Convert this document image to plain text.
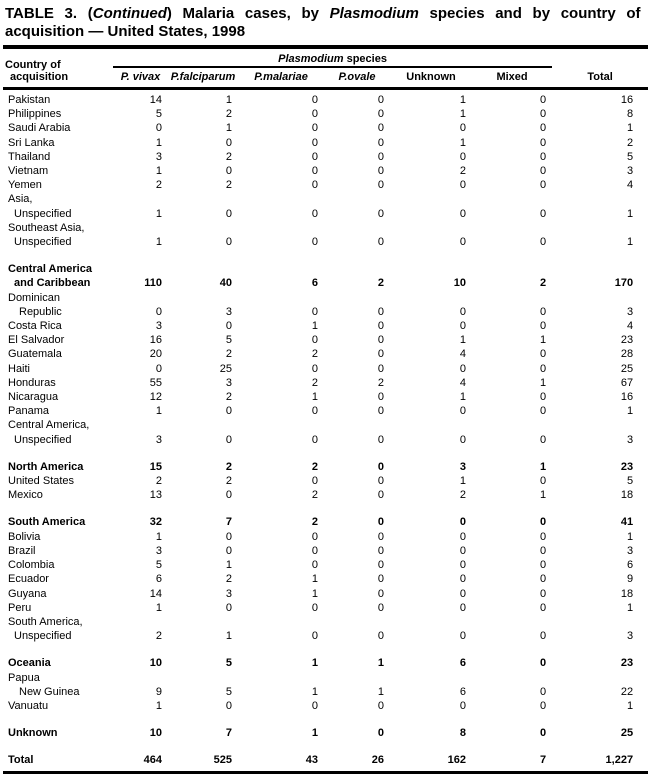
TABLE 3. (Continued) Malaria cases, by Plasmodium species and by country of
acquisition — United States, 1998
Country of
acquisition	Plasmodium species						
	P. vivax	P.falciparum	P.malariae	P.ovale	Unknown	Mixed	Total
Pakistan	14	1	0	0	1	0	16
Philippines	5	2	0	0	1	0	8
Saudi Arabia	0	1	0	0	0	0	1
Sri Lanka	1	0	0	0	1	0	2
Thailand	3	2	0	0	0	0	5
Vietnam	1	0	0	0	2	0	3
Yemen	2	2	0	0	0	0	4
Asia,							
Unspecified	1	0	0	0	0	0	1
Southeast Asia,							
Unspecified	1	0	0	0	0	0	1

Central America							
and Caribbean	110	40	6	2	10	2	170
Dominican							
Republic	0	3	0	0	0	0	3
Costa Rica	3	0	1	0	0	0	4
El Salvador	16	5	0	0	1	1	23
Guatemala	20	2	2	0	4	0	28
Haiti	0	25	0	0	0	0	25
Honduras	55	3	2	2	4	1	67
Nicaragua	12	2	1	0	1	0	16
Panama	1	0	0	0	0	0	1
Central America,							
Unspecified	3	0	0	0	0	0	3

North America	15	2	2	0	3	1	23
United States	2	2	0	0	1	0	5
Mexico	13	0	2	0	2	1	18

South America	32	7	2	0	0	0	41
Bolivia	1	0	0	0	0	0	1
Brazil	3	0	0	0	0	0	3
Colombia	5	1	0	0	0	0	6
Ecuador	6	2	1	0	0	0	9
Guyana	14	3	1	0	0	0	18
Peru	1	0	0	0	0	0	1
South America,							
Unspecified	2	1	0	0	0	0	3

Oceania	10	5	1	1	6	0	23
Papua							
New Guinea	9	5	1	1	6	0	22
Vanuatu	1	0	0	0	0	0	1

Unknown	10	7	1	0	8	0	25

Total	464	525	43	26	162	7	1,227
